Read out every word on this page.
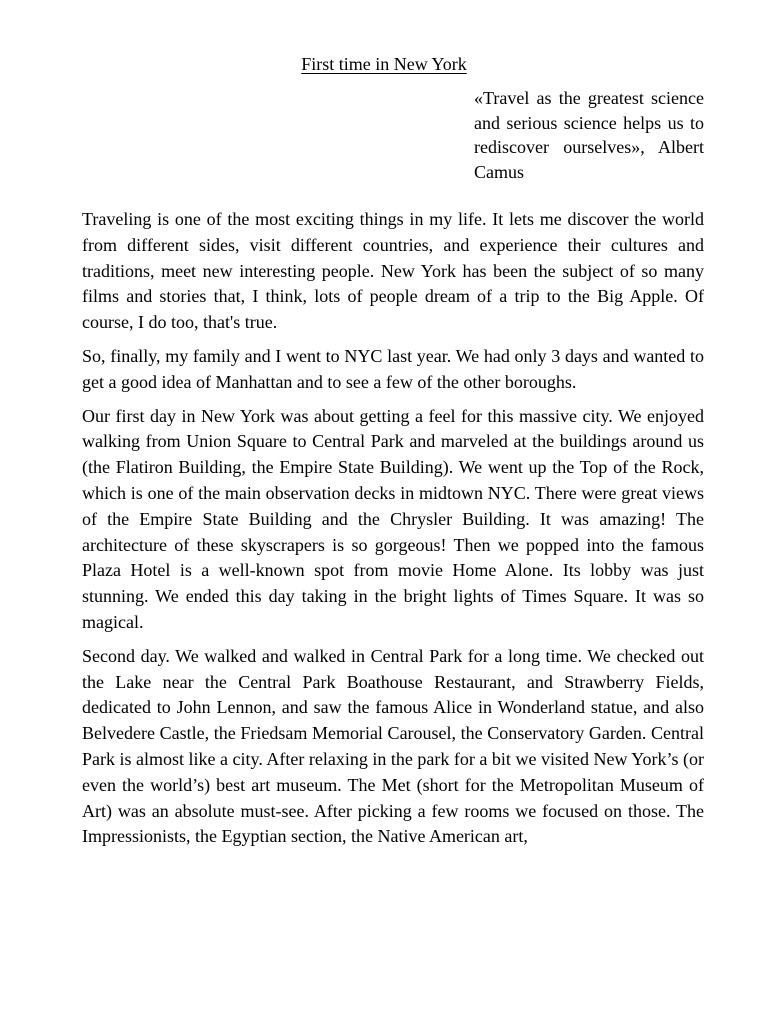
First time in New York
«Travel as the greatest science and serious science helps us to rediscover ourselves», Albert Camus

Traveling is one of the most exciting things in my life. It lets me discover the world from different sides, visit different countries, and experience their cultures and traditions, meet new interesting people. New York has been the subject of so many films and stories that, I think, lots of people dream of a trip to the Big Apple. Of course, I do too, that's true.

So, finally, my family and I went to NYC last year. We had only 3 days and wanted to get a good idea of Manhattan and to see a few of the other boroughs.

Our first day in New York was about getting a feel for this massive city. We enjoyed walking from Union Square to Central Park and marveled at the buildings around us (the Flatiron Building, the Empire State Building). We went up the Top of the Rock, which is one of the main observation decks in midtown NYC. There were great views of the Empire State Building and the Chrysler Building. It was amazing! The architecture of these skyscrapers is so gorgeous! Then we popped into the famous Plaza Hotel is a well-known spot from movie Home Alone. Its lobby was just stunning. We ended this day taking in the bright lights of Times Square. It was so magical.

Second day. We walked and walked in Central Park for a long time. We checked out the Lake near the Central Park Boathouse Restaurant, and Strawberry Fields, dedicated to John Lennon, and saw the famous Alice in Wonderland statue, and also Belvedere Castle, the Friedsam Memorial Carousel, the Conservatory Garden. Central Park is almost like a city. After relaxing in the park for a bit we visited New York’s (or even the world’s) best art museum. The Met (short for the Metropolitan Museum of Art) was an absolute must-see. After picking a few rooms we focused on those. The Impressionists, the Egyptian section, the Native American art,
